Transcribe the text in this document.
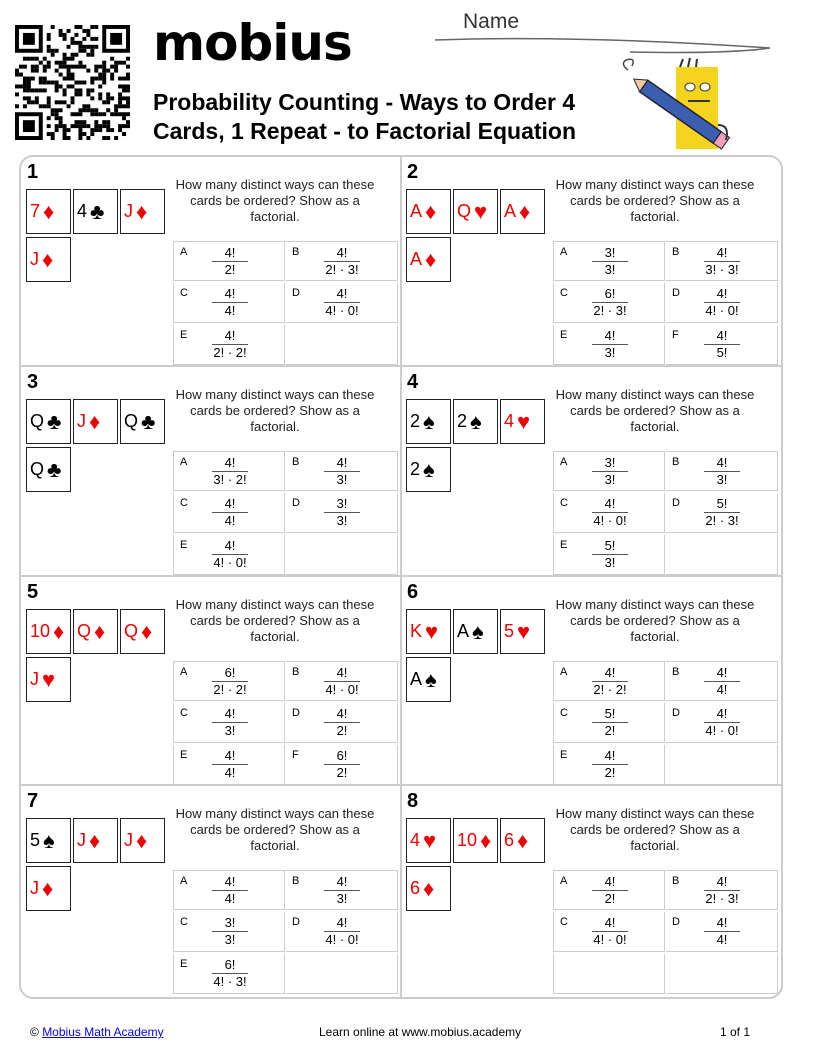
mobius
Probability Counting - Ways to Order 4 Cards, 1 Repeat - to Factorial Equation
Name
1
7 ♦ 4 ♣ J ♦
J ♦
How many distinct ways can these cards be ordered? Show as a factorial.
A $\frac{4!}{2!}$	B $\frac{4!}{2! \cdot 3!}$
C $\frac{4!}{4!}$	D $\frac{4!}{4! \cdot 0!}$
E $\frac{4!}{2! \cdot 2!}$
2
A ♦ Q ♥ A ♦
A ♦
How many distinct ways can these cards be ordered? Show as a factorial.
A $\frac{3!}{3!}$	B $\frac{4!}{3! \cdot 3!}$
C $\frac{6!}{2! \cdot 3!}$	D $\frac{4!}{4! \cdot 0!}$
E $\frac{4!}{3!}$	F $\frac{4!}{5!}$
3
Q ♣ J ♦ Q ♣
Q ♣
How many distinct ways can these cards be ordered? Show as a factorial.
A $\frac{4!}{3! \cdot 2!}$	B $\frac{4!}{3!}$
C $\frac{4!}{4!}$	D $\frac{3!}{3!}$
E $\frac{4!}{4! \cdot 0!}$
4
2 ♠ 2 ♠ 4 ♥
2 ♠
How many distinct ways can these cards be ordered? Show as a factorial.
A $\frac{3!}{3!}$	B $\frac{4!}{3!}$
C $\frac{4!}{4! \cdot 0!}$	D $\frac{5!}{2! \cdot 3!}$
E $\frac{5!}{3!}$
5
10 ♦ Q ♦ Q ♦
J ♥
How many distinct ways can these cards be ordered? Show as a factorial.
A $\frac{6!}{2! \cdot 2!}$	B $\frac{4!}{4! \cdot 0!}$
C $\frac{4!}{3!}$	D $\frac{4!}{2!}$
E $\frac{4!}{4!}$	F $\frac{6!}{2!}$
6
K ♥ A ♠ 5 ♥
A ♠
How many distinct ways can these cards be ordered? Show as a factorial.
A $\frac{4!}{2! \cdot 2!}$	B $\frac{4!}{4!}$
C $\frac{5!}{2!}$	D $\frac{4!}{4! \cdot 0!}$
E $\frac{4!}{2!}$
7
5 ♠ J ♦ J ♦
J ♦
How many distinct ways can these cards be ordered? Show as a factorial.
A $\frac{4!}{4!}$	B $\frac{4!}{3!}$
C $\frac{3!}{3!}$	D $\frac{4!}{4! \cdot 0!}$
E $\frac{6!}{4! \cdot 3!}$
8
4 ♥ 10 ♦ 6 ♦
6 ♦
How many distinct ways can these cards be ordered? Show as a factorial.
A $\frac{4!}{2!}$	B $\frac{4!}{2! \cdot 3!}$
C $\frac{4!}{4! \cdot 0!}$	D $\frac{4!}{4!}$
© Mobius Math Academy	Learn online at www.mobius.academy	1 of 1
